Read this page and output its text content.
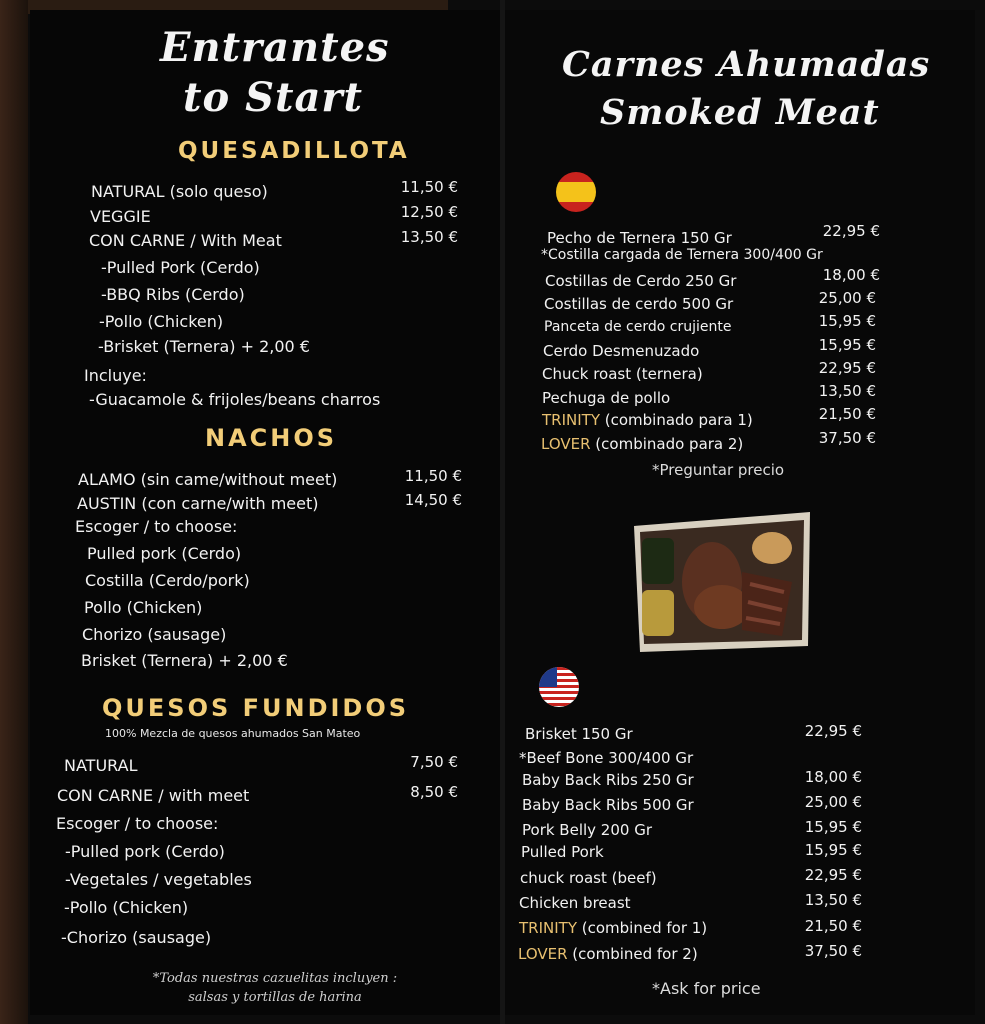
Entrantes
to Start
QUESADILLOTA
NATURAL (solo queso)	11,50 €
VEGGIE	12,50 €
CON CARNE / With Meat	13,50 €
-Pulled Pork (Cerdo)
-BBQ Ribs (Cerdo)
-Pollo (Chicken)
-Brisket (Ternera) + 2,00 €
Incluye:
-Guacamole & frijoles/beans charros
NACHOS
ALAMO (sin came/without meet)	11,50 €
AUSTIN (con carne/with meet)	14,50 €
Escoger / to choose:
Pulled pork (Cerdo)
Costilla (Cerdo/pork)
Pollo (Chicken)
Chorizo (sausage)
Brisket (Ternera) + 2,00 €
QUESOS FUNDIDOS
100% Mezcla de quesos ahumados San Mateo
NATURAL	7,50 €
CON CARNE / with meet	8,50 €
Escoger / to choose:
-Pulled pork (Cerdo)
-Vegetales / vegetables
-Pollo (Chicken)
-Chorizo (sausage)
*Todas nuestras cazuelitas incluyen :
salsas y tortillas de harina
Carnes Ahumadas
Smoked Meat
Pecho de Ternera 150 Gr	22,95 €
*Costilla cargada de Ternera 300/400 Gr
Costillas de Cerdo 250 Gr	18,00 €
Costillas de cerdo 500 Gr	25,00 €
Panceta de cerdo crujiente	15,95 €
Cerdo Desmenuzado	15,95 €
Chuck roast (ternera)	22,95 €
Pechuga de pollo	13,50 €
TRINITY (combinado para 1)	21,50 €
LOVER (combinado para 2)	37,50 €
*Preguntar precio
Brisket 150 Gr	22,95 €
*Beef Bone 300/400 Gr
Baby Back Ribs 250 Gr	18,00 €
Baby Back Ribs 500 Gr	25,00 €
Pork Belly 200 Gr	15,95 €
Pulled Pork	15,95 €
chuck roast (beef)	22,95 €
Chicken breast	13,50 €
TRINITY (combined for 1)	21,50 €
LOVER (combined for 2)	37,50 €
*Ask for price
